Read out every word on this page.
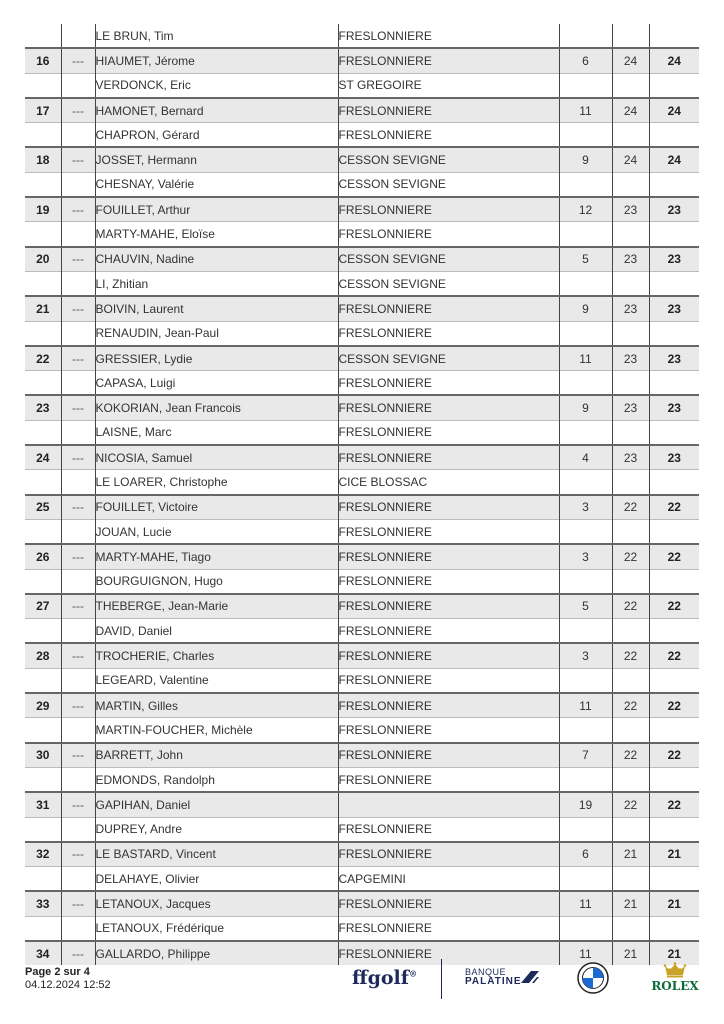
		LE BRUN, Tim	FRESLONNIERE			
16	---	HIAUMET, Jérome	FRESLONNIERE	6	24	24
		VERDONCK, Eric	ST GREGOIRE			
17	---	HAMONET, Bernard	FRESLONNIERE	11	24	24
		CHAPRON, Gérard	FRESLONNIERE			
18	---	JOSSET, Hermann	CESSON SEVIGNE	9	24	24
		CHESNAY, Valérie	CESSON SEVIGNE			
19	---	FOUILLET, Arthur	FRESLONNIERE	12	23	23
		MARTY-MAHE, Eloïse	FRESLONNIERE			
20	---	CHAUVIN, Nadine	CESSON SEVIGNE	5	23	23
		LI, Zhitian	CESSON SEVIGNE			
21	---	BOIVIN, Laurent	FRESLONNIERE	9	23	23
		RENAUDIN, Jean-Paul	FRESLONNIERE			
22	---	GRESSIER, Lydie	CESSON SEVIGNE	11	23	23
		CAPASA, Luigi	FRESLONNIERE			
23	---	KOKORIAN, Jean Francois	FRESLONNIERE	9	23	23
		LAISNE, Marc	FRESLONNIERE			
24	---	NICOSIA, Samuel	FRESLONNIERE	4	23	23
		LE LOARER, Christophe	CICE BLOSSAC			
25	---	FOUILLET, Victoire	FRESLONNIERE	3	22	22
		JOUAN, Lucie	FRESLONNIERE			
26	---	MARTY-MAHE, Tiago	FRESLONNIERE	3	22	22
		BOURGUIGNON, Hugo	FRESLONNIERE			
27	---	THEBERGE, Jean-Marie	FRESLONNIERE	5	22	22
		DAVID, Daniel	FRESLONNIERE			
28	---	TROCHERIE, Charles	FRESLONNIERE	3	22	22
		LEGEARD, Valentine	FRESLONNIERE			
29	---	MARTIN, Gilles	FRESLONNIERE	11	22	22
		MARTIN-FOUCHER, Michèle	FRESLONNIERE			
30	---	BARRETT, John	FRESLONNIERE	7	22	22
		EDMONDS, Randolph	FRESLONNIERE			
31	---	GAPIHAN, Daniel		19	22	22
		DUPREY, Andre	FRESLONNIERE			
32	---	LE BASTARD, Vincent	FRESLONNIERE	6	21	21
		DELAHAYE, Olivier	CAPGEMINI			
33	---	LETANOUX, Jacques	FRESLONNIERE	11	21	21
		LETANOUX, Frédérique	FRESLONNIERE			
34	---	GALLARDO, Philippe	FRESLONNIERE	11	21	21
Page 2 sur 4
04.12.2024 12:52	ffgolf®	BANQUE
PALATINE
BMW
ROLEX
